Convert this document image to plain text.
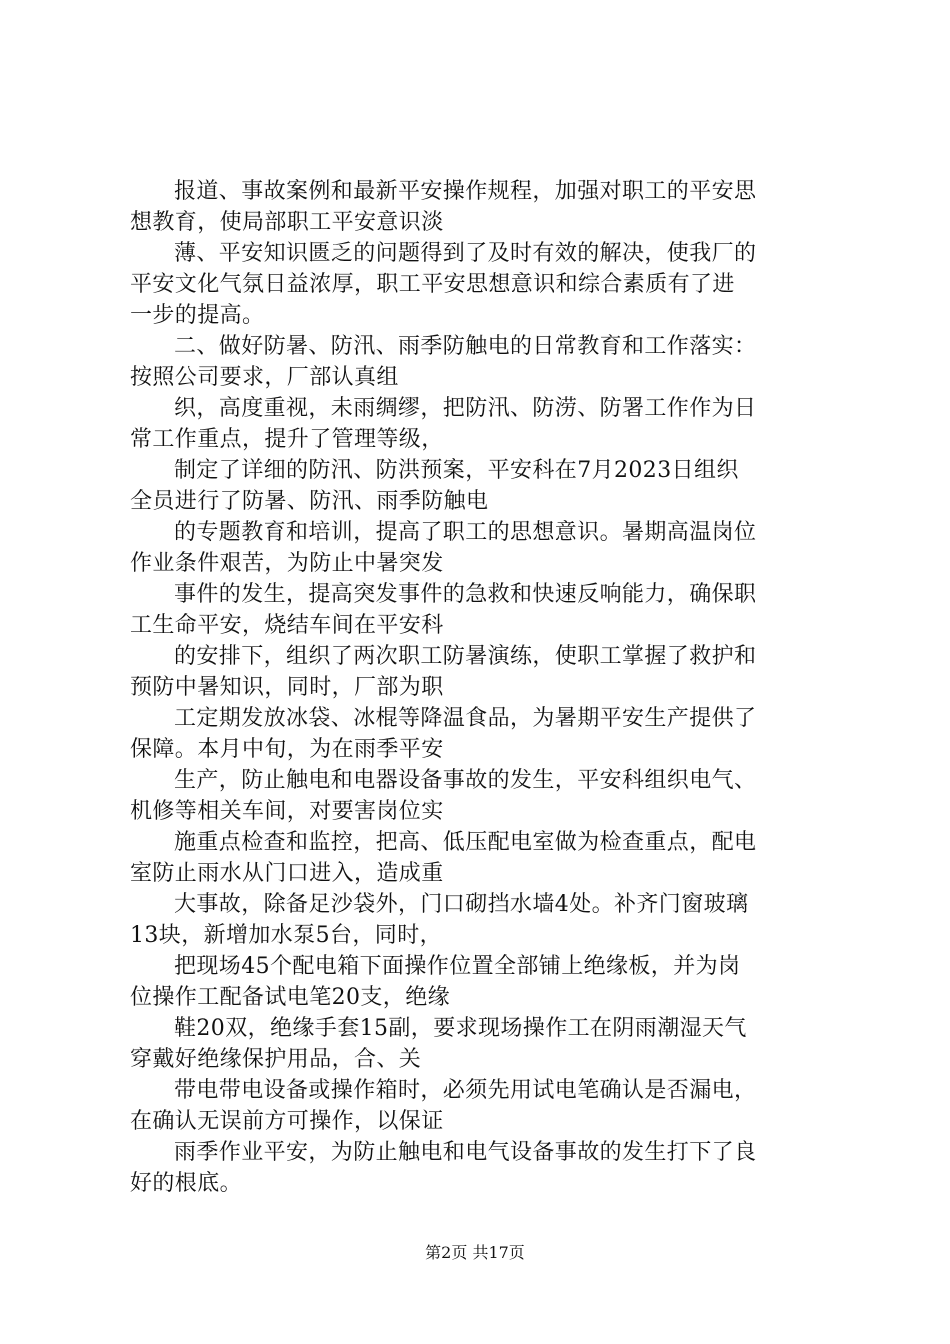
报道、事故案例和最新平安操作规程，加强对职工的平安思
想教育，使局部职工平安意识淡
薄、平安知识匮乏的问题得到了及时有效的解决，使我厂的
平安文化气氛日益浓厚，职工平安思想意识和综合素质有了进
一步的提高。
二、做好防暑、防汛、雨季防触电的日常教育和工作落实：
按照公司要求，厂部认真组
织，高度重视，未雨绸缪，把防汛、防涝、防署工作作为日
常工作重点，提升了管理等级，
制定了详细的防汛、防洪预案，平安科在7月2023日组织
全员进行了防暑、防汛、雨季防触电
的专题教育和培训，提高了职工的思想意识。暑期高温岗位
作业条件艰苦，为防止中暑突发
事件的发生，提高突发事件的急救和快速反响能力，确保职
工生命平安，烧结车间在平安科
的安排下，组织了两次职工防暑演练，使职工掌握了救护和
预防中暑知识，同时，厂部为职
工定期发放冰袋、冰棍等降温食品，为暑期平安生产提供了
保障。本月中旬，为在雨季平安
生产，防止触电和电器设备事故的发生，平安科组织电气、
机修等相关车间，对要害岗位实
施重点检查和监控，把高、低压配电室做为检查重点，配电
室防止雨水从门口进入，造成重
大事故，除备足沙袋外，门口砌挡水墙4处。补齐门窗玻璃
13块，新增加水泵5台，同时，
把现场45个配电箱下面操作位置全部铺上绝缘板，并为岗
位操作工配备试电笔20支，绝缘
鞋20双，绝缘手套15副，要求现场操作工在阴雨潮湿天气
穿戴好绝缘保护用品，合、关
带电带电设备或操作箱时，必须先用试电笔确认是否漏电，
在确认无误前方可操作，以保证
雨季作业平安，为防止触电和电气设备事故的发生打下了良
好的根底。
第2页 共17页
